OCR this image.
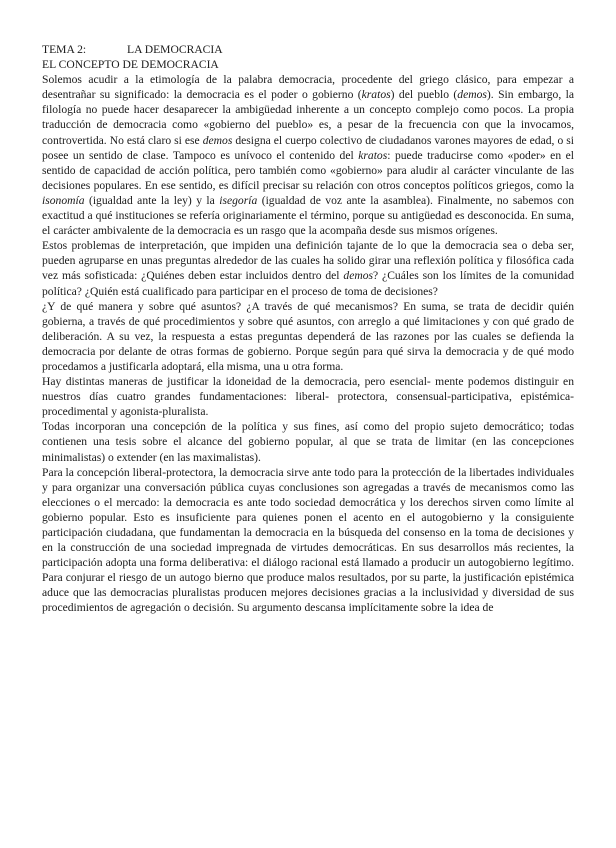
TEMA 2:	LA DEMOCRACIA
EL CONCEPTO DE DEMOCRACIA

Solemos acudir a la etimología de la palabra democracia, procedente del griego clásico, para empezar a desentrañar su significado: la democracia es el poder o gobierno (kratos) del pueblo (demos). Sin embargo, la filología no puede hacer desaparecer la ambigüedad inherente a un concepto complejo como pocos. La propia traducción de democracia como «gobierno del pueblo» es, a pesar de la frecuencia con que la invocamos, controvertida. No está claro si ese demos designa el cuerpo colectivo de ciudadanos varones mayores de edad, o si posee un sentido de clase. Tampoco es unívoco el contenido del kratos: puede traducirse como «poder» en el sentido de capacidad de acción política, pero también como «gobierno» para aludir al carácter vinculante de las decisiones populares. En ese sentido, es difícil precisar su relación con otros conceptos políticos griegos, como la isonomía (igualdad ante la ley) y la isegoría (igualdad de voz ante la asamblea). Finalmente, no sabemos con exactitud a qué instituciones se refería originariamente el término, porque su antigüedad es desconocida. En suma, el carácter ambivalente de la democracia es un rasgo que la acompaña desde sus mismos orígenes.

Estos problemas de interpretación, que impiden una definición tajante de lo que la democracia sea o deba ser, pueden agruparse en unas preguntas alrededor de las cuales ha solido girar una reflexión política y filosófica cada vez más sofisticada: ¿Quiénes deben estar incluidos dentro del demos? ¿Cuáles son los límites de la comunidad política? ¿Quién está cualificado para participar en el proceso de toma de decisiones?

¿Y de qué manera y sobre qué asuntos? ¿A través de qué mecanismos? En suma, se trata de decidir quién gobierna, a través de qué procedimientos y sobre qué asuntos, con arreglo a qué limitaciones y con qué grado de deliberación. A su vez, la respuesta a estas preguntas dependerá de las razones por las cuales se defienda la democracia por delante de otras formas de gobierno. Porque según para qué sirva la democracia y de qué modo procedamos a justificarla adoptará, ella misma, una u otra forma.

Hay distintas maneras de justificar la idoneidad de la democracia, pero esencial- mente podemos distinguir en nuestros días cuatro grandes fundamentaciones: liberal- protectora, consensual-participativa, epistémica-procedimental y agonista-pluralista.

Todas incorporan una concepción de la política y sus fines, así como del propio sujeto democrático; todas contienen una tesis sobre el alcance del gobierno popular, al que se trata de limitar (en las concepciones minimalistas) o extender (en las maximalistas).

Para la concepción liberal-protectora, la democracia sirve ante todo para la protección de la libertades individuales y para organizar una conversación pública cuyas conclusiones son agregadas a través de mecanismos como las elecciones o el mercado: la democracia es ante todo sociedad democrática y los derechos sirven como límite al gobierno popular. Esto es insuficiente para quienes ponen el acento en el autogobierno y la consiguiente participación ciudadana, que fundamentan la democracia en la búsqueda del consenso en la toma de decisiones y en la construcción de una sociedad impregnada de virtudes democráticas. En sus desarrollos más recientes, la participación adopta una forma deliberativa: el diálogo racional está llamado a producir un autogobierno legítimo. Para conjurar el riesgo de un autogo bierno que produce malos resultados, por su parte, la justificación epistémica aduce que las democracias pluralistas producen mejores decisiones gracias a la inclusividad y diversidad de sus procedimientos de agregación o decisión. Su argumento descansa implícitamente sobre la idea de
